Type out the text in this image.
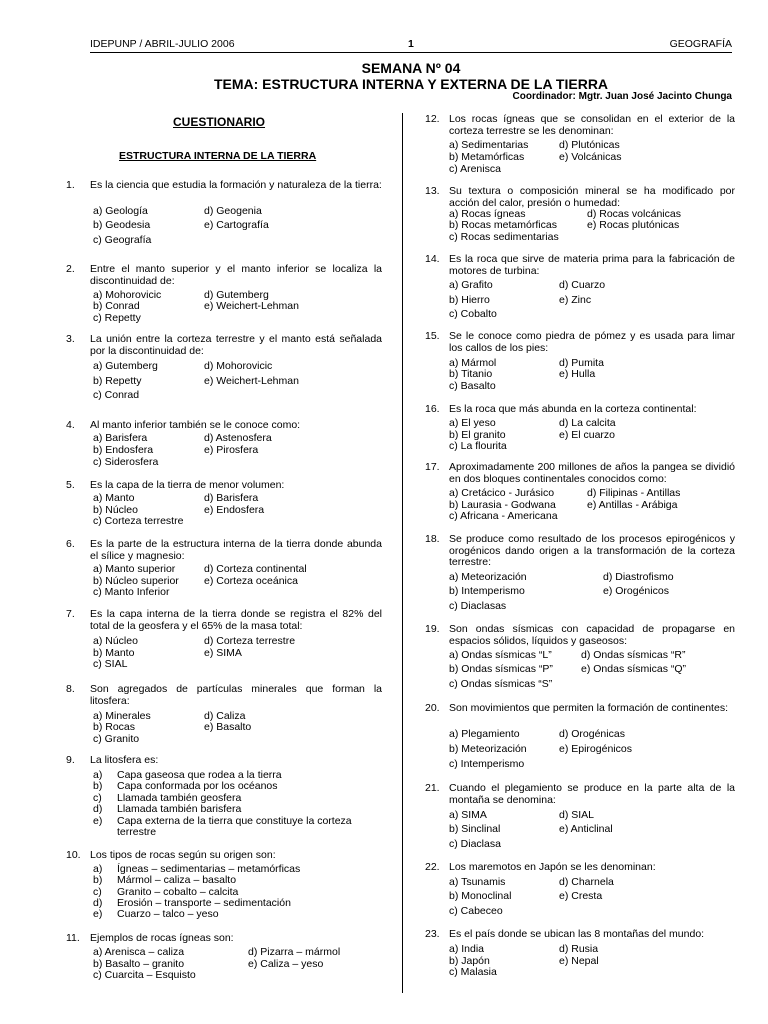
IDEPUNP / ABRIL-JULIO 2006	1	GEOGRAFÍA
SEMANA Nº 04
TEMA: ESTRUCTURA INTERNA Y EXTERNA DE LA TIERRA
Coordinador: Mgtr. Juan José Jacinto Chunga
CUESTIONARIO
ESTRUCTURA INTERNA DE LA TIERRA
1. Es la ciencia que estudia la formación y naturaleza de la tierra:
a) Geología	d) Geogenia
b) Geodesia	e) Cartografía
c) Geografía
2. Entre el manto superior y el manto inferior se localiza la discontinuidad de:
a) Mohorovicic	d) Gutemberg
b) Conrad	e) Weichert-Lehman
c) Repetty
3. La unión entre la corteza terrestre y el manto está señalada por la discontinuidad de:
a) Gutemberg	d) Mohorovicic
b) Repetty	e) Weichert-Lehman
c) Conrad
4. Al manto inferior también se le conoce como:
a) Barisfera	d) Astenosfera
b) Endosfera	e) Pirosfera
c) Siderosfera
5. Es la capa de la tierra de menor volumen:
a) Manto	d) Barisfera
b) Núcleo	e) Endosfera
c) Corteza terrestre
6. Es la parte de la estructura interna de la tierra donde abunda el sílice y magnesio:
a) Manto superior	d) Corteza continental
b) Núcleo superior e) Corteza oceánica
c) Manto Inferior
7. Es la capa interna de la tierra donde se registra el 82% del total de la geosfera y el 65% de la masa total:
a) Núcleo	d) Corteza terrestre
b) Manto	e) SIMA
c) SIAL
8. Son agregados de partículas minerales que forman la litosfera:
a) Minerales	d) Caliza
b) Rocas	e) Basalto
c) Granito
9. La litosfera es:
a) Capa gaseosa que rodea a la tierra
b) Capa conformada por los océanos
c) Llamada también geosfera
d) Llamada también barisfera
e) Capa externa de la tierra que constituye la corteza
terrestre
10. Los tipos de rocas según su origen son:
a) Ígneas – sedimentarias – metamórficas
b) Mármol – caliza – basalto
c) Granito – cobalto – calcita
d) Erosión – transporte – sedimentación
e) Cuarzo – talco – yeso
11. Ejemplos de rocas ígneas son:
a) Arenisca – caliza	d) Pizarra – mármol
b) Basalto – granito	e) Caliza – yeso
c) Cuarcita – Esquisto
12. Los rocas ígneas que se consolidan en el exterior de la corteza terrestre se les denominan:
a) Sedimentarias	d) Plutónicas
b) Metamórficas	e) Volcánicas
c) Arenisca
13. Su textura o composición mineral se ha modificado por acción del calor, presión o humedad:
a) Rocas ígneas	d) Rocas volcánicas
b) Rocas metamórficas	e) Rocas plutónicas
c) Rocas sedimentarias
14. Es la roca que sirve de materia prima para la fabricación de motores de turbina:
a) Grafito	d) Cuarzo
b) Hierro	e) Zinc
c) Cobalto
15. Se le conoce como piedra de pómez y es usada para limar los callos de los pies:
a) Mármol	d) Pumita
b) Titanio	e) Hulla
c) Basalto
16. Es la roca que más abunda en la corteza continental:
a) El yeso	d) La calcita
b) El granito	e) El cuarzo
c) La flourita
17. Aproximadamente 200 millones de años la pangea se dividió en dos bloques continentales conocidos como:
a) Cretácico - Jurásico	d) Filipinas - Antillas
b) Laurasia - Godwana	e) Antillas - Arábiga
c) Africana - Americana
18. Se produce como resultado de los procesos epirogénicos y orogénicos dando origen a la transformación de la corteza terrestre:
a) Meteorización	d) Diastrofismo
b) Intemperismo	e) Orogénicos
c) Diaclasas
19. Son ondas sísmicas con capacidad de propagarse en espacios sólidos, líquidos y gaseosos:
a) Ondas sísmicas “L”	d) Ondas sísmicas “R”
b) Ondas sísmicas “P”	e) Ondas sísmicas “Q”
c) Ondas sísmicas “S”
20. Son movimientos que permiten la formación de continentes:
a) Plegamiento	d) Orogénicas
b) Meteorización	e) Epirogénicos
c) Intemperismo
21. Cuando el plegamiento se produce en la parte alta de la montaña se denomina:
a) SIMA	d) SIAL
b) Sinclinal	e) Anticlinal
c) Diaclasa
22. Los maremotos en Japón se les denominan:
a) Tsunamis	d) Charnela
b) Monoclinal	e) Cresta
c) Cabeceo
23. Es el país donde se ubican las 8 montañas del mundo:
a) India	d) Rusia
b) Japón	e) Nepal
c) Malasia
